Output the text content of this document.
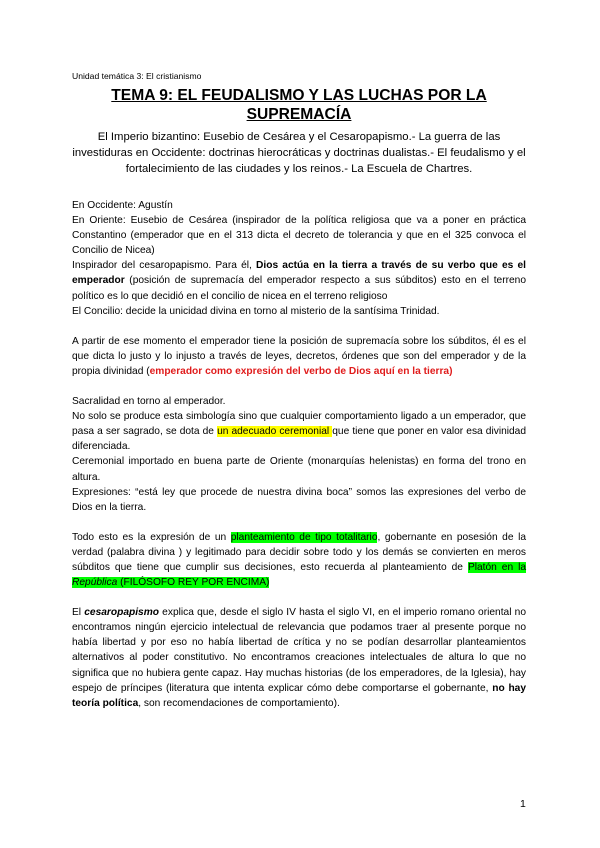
Unidad temática 3: El cristianismo
TEMA 9: EL FEUDALISMO Y LAS LUCHAS POR LA SUPREMACÍA
El Imperio bizantino: Eusebio de Cesárea y el Cesaropapismo.- La guerra de las investiduras en Occidente: doctrinas hierocráticas y doctrinas dualistas.- El feudalismo y el fortalecimiento de las ciudades y los reinos.- La Escuela de Chartres.

En Occidente: Agustín

En Oriente: Eusebio de Cesárea (inspirador de la política religiosa que va a poner en práctica Constantino (emperador que en el 313 dicta el decreto de tolerancia y que en el 325 convoca el Concilio de Nicea)

Inspirador del cesaropapismo. Para él, Dios actúa en la tierra a través de su verbo que es el emperador (posición de supremacía del emperador respecto a sus súbditos) esto en el terreno político es lo que decidió en el concilio de nicea en el terreno religioso

El Concilio: decide la unicidad divina en torno al misterio de la santísima Trinidad.

A partir de ese momento el emperador tiene la posición de supremacía sobre los súbditos, él es el que dicta lo justo y lo injusto a través de leyes, decretos, órdenes que son del emperador y de la propia divinidad (emperador como expresión del verbo de Dios aquí en la tierra)

Sacralidad en torno al emperador.

No solo se produce esta simbología sino que cualquier comportamiento ligado a un emperador, que pasa a ser sagrado, se dota de un adecuado ceremonial que tiene que poner en valor esa divinidad diferenciada.

Ceremonial importado en buena parte de Oriente (monarquías helenistas) en forma del trono en altura.

Expresiones: “está ley que procede de nuestra divina boca” somos las expresiones del verbo de Dios en la tierra.

Todo esto es la expresión de un planteamiento de tipo totalitario, gobernante en posesión de la verdad (palabra divina ) y legitimado para decidir sobre todo y los demás se convierten en meros súbditos que tiene que cumplir sus decisiones, esto recuerda al planteamiento de Platón en la República (FILÓSOFO REY POR ENCIMA)

El cesaropapismo explica que, desde el siglo IV hasta el siglo VI, en el imperio romano oriental no encontramos ningún ejercicio intelectual de relevancia que podamos traer al presente porque no había libertad y por eso no había libertad de crítica y no se podían desarrollar planteamientos alternativos al poder constitutivo. No encontramos creaciones intelectuales de altura lo que no significa que no hubiera gente capaz. Hay muchas historias (de los emperadores, de la Iglesia), hay espejo de príncipes (literatura que intenta explicar cómo debe comportarse el gobernante, no hay teoría política, son recomendaciones de comportamiento).

1
